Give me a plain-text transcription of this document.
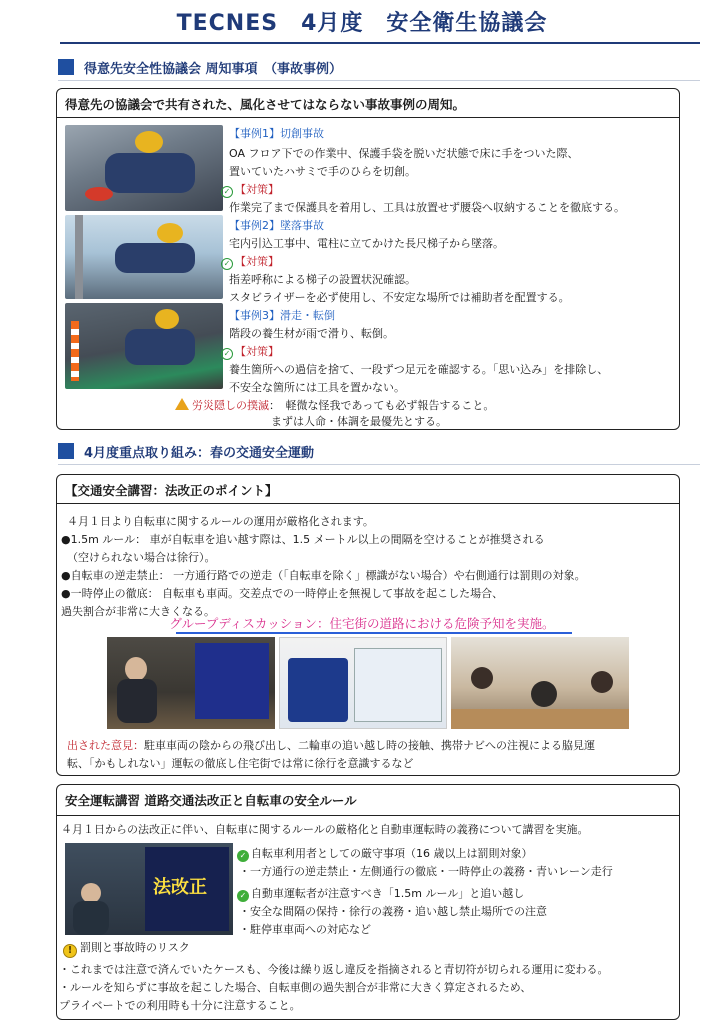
TECNES　4月度　安全衛生協議会
得意先安全性協議会 周知事項　（事故事例）
得意先の協議会で共有された、風化させてはならない事故事例の周知。
【事例1】切創事故
OA フロア下での作業中、保護手袋を脱いだ状態で床に手をついた際、
置いていたハサミで手のひらを切創。
✓ 【対策】
作業完了まで保護具を着用し、工具は放置せず腰袋へ収納することを徹底する。
【事例2】墜落事故
宅内引込工事中、電柱に立てかけた長尺梯子から墜落。
✓ 【対策】
指差呼称による梯子の設置状況確認。
スタビライザーを必ず使用し、不安定な場所では補助者を配置する。
【事例3】滑走・転倒
階段の養生材が雨で滑り、転倒。
✓ 【対策】
養生箇所への過信を捨て、一段ずつ足元を確認する。「思い込み」を排除し、
不安全な箇所には工具を置かない。
労災隠しの撲滅：　軽微な怪我であっても必ず報告すること。
まずは人命・体調を最優先とする。
4月度重点取り組み：春の交通安全運動
【交通安全講習：法改正のポイント】
４月１日より自転車に関するルールの運用が厳格化されます。
●1.5m ルール： 車が自転車を追い越す際は、1.5 メートル以上の間隔を空けることが推奨される
（空けられない場合は徐行）。
●自転車の逆走禁止： 一方通行路での逆走（「自転車を除く」標識がない場合）や右側通行は罰則の対象。
●一時停止の徹底： 自転車も車両。交差点での一時停止を無視して事故を起こした場合、
過失割合が非常に大きくなる。
出された意見：駐車車両の陰からの飛び出し、二輪車の追い越し時の接触、携帯ナビへの注視による脇見運
転、「かもしれない」運転の徹底し住宅街では常に徐行を意識するなど
グループディスカッション：住宅街の道路における危険予知を実施。
安全運転講習 道路交通法改正と自転車の安全ルール
４月１日からの法改正に伴い、自転車に関するルールの厳格化と自動車運転時の義務について講習を実施。
法改正
✓ 自転車利用者としての厳守事項（16 歳以上は罰則対象）
・一方通行の逆走禁止・左側通行の徹底・一時停止の義務・青いレーン走行
✓ 自動車運転者が注意すべき「1.5m ルール」と追い越し
・安全な間隔の保持・徐行の義務・追い越し禁止場所での注意
・駐停車車両への対応など
! 罰則と事故時のリスク
・これまでは注意で済んでいたケースも、今後は繰り返し違反を指摘されると青切符が切られる運用に変わる。
・ルールを知らずに事故を起こした場合、自転車側の過失割合が非常に大きく算定されるため、
プライベートでの利用時も十分に注意すること。
